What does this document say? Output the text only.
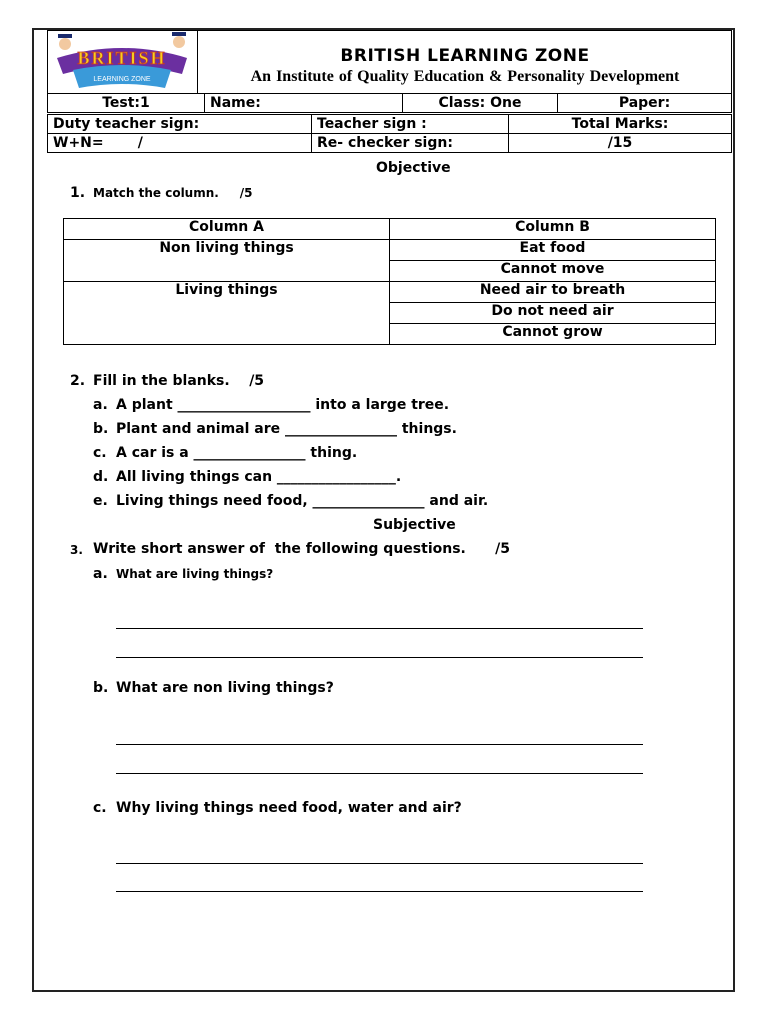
BRITISH
LEARNING ZONE
BRITISH LEARNING ZONE
An Institute of Quality Education & Personality Development
Test:1	Name:	Class: One	Paper:
Duty teacher sign:	Teacher sign :	Total Marks:
W+N=       /	Re- checker sign:	/15
Objective
1. Match the column.     /5
Column A	Column B
Non living things	Eat food
	Cannot move
Living things	Need air to breath
	Do not need air
	Cannot grow
2. Fill in the blanks.    /5
a. A plant ___________________ into a large tree.
b. Plant and animal are ________________ things.
c. A car is a ________________ thing.
d. All living things can _________________.
e. Living things need food, ________________ and air.
Subjective
3. Write short answer of  the following questions.      /5
a. What are living things?
b. What are non living things?
c. Why living things need food, water and air?
